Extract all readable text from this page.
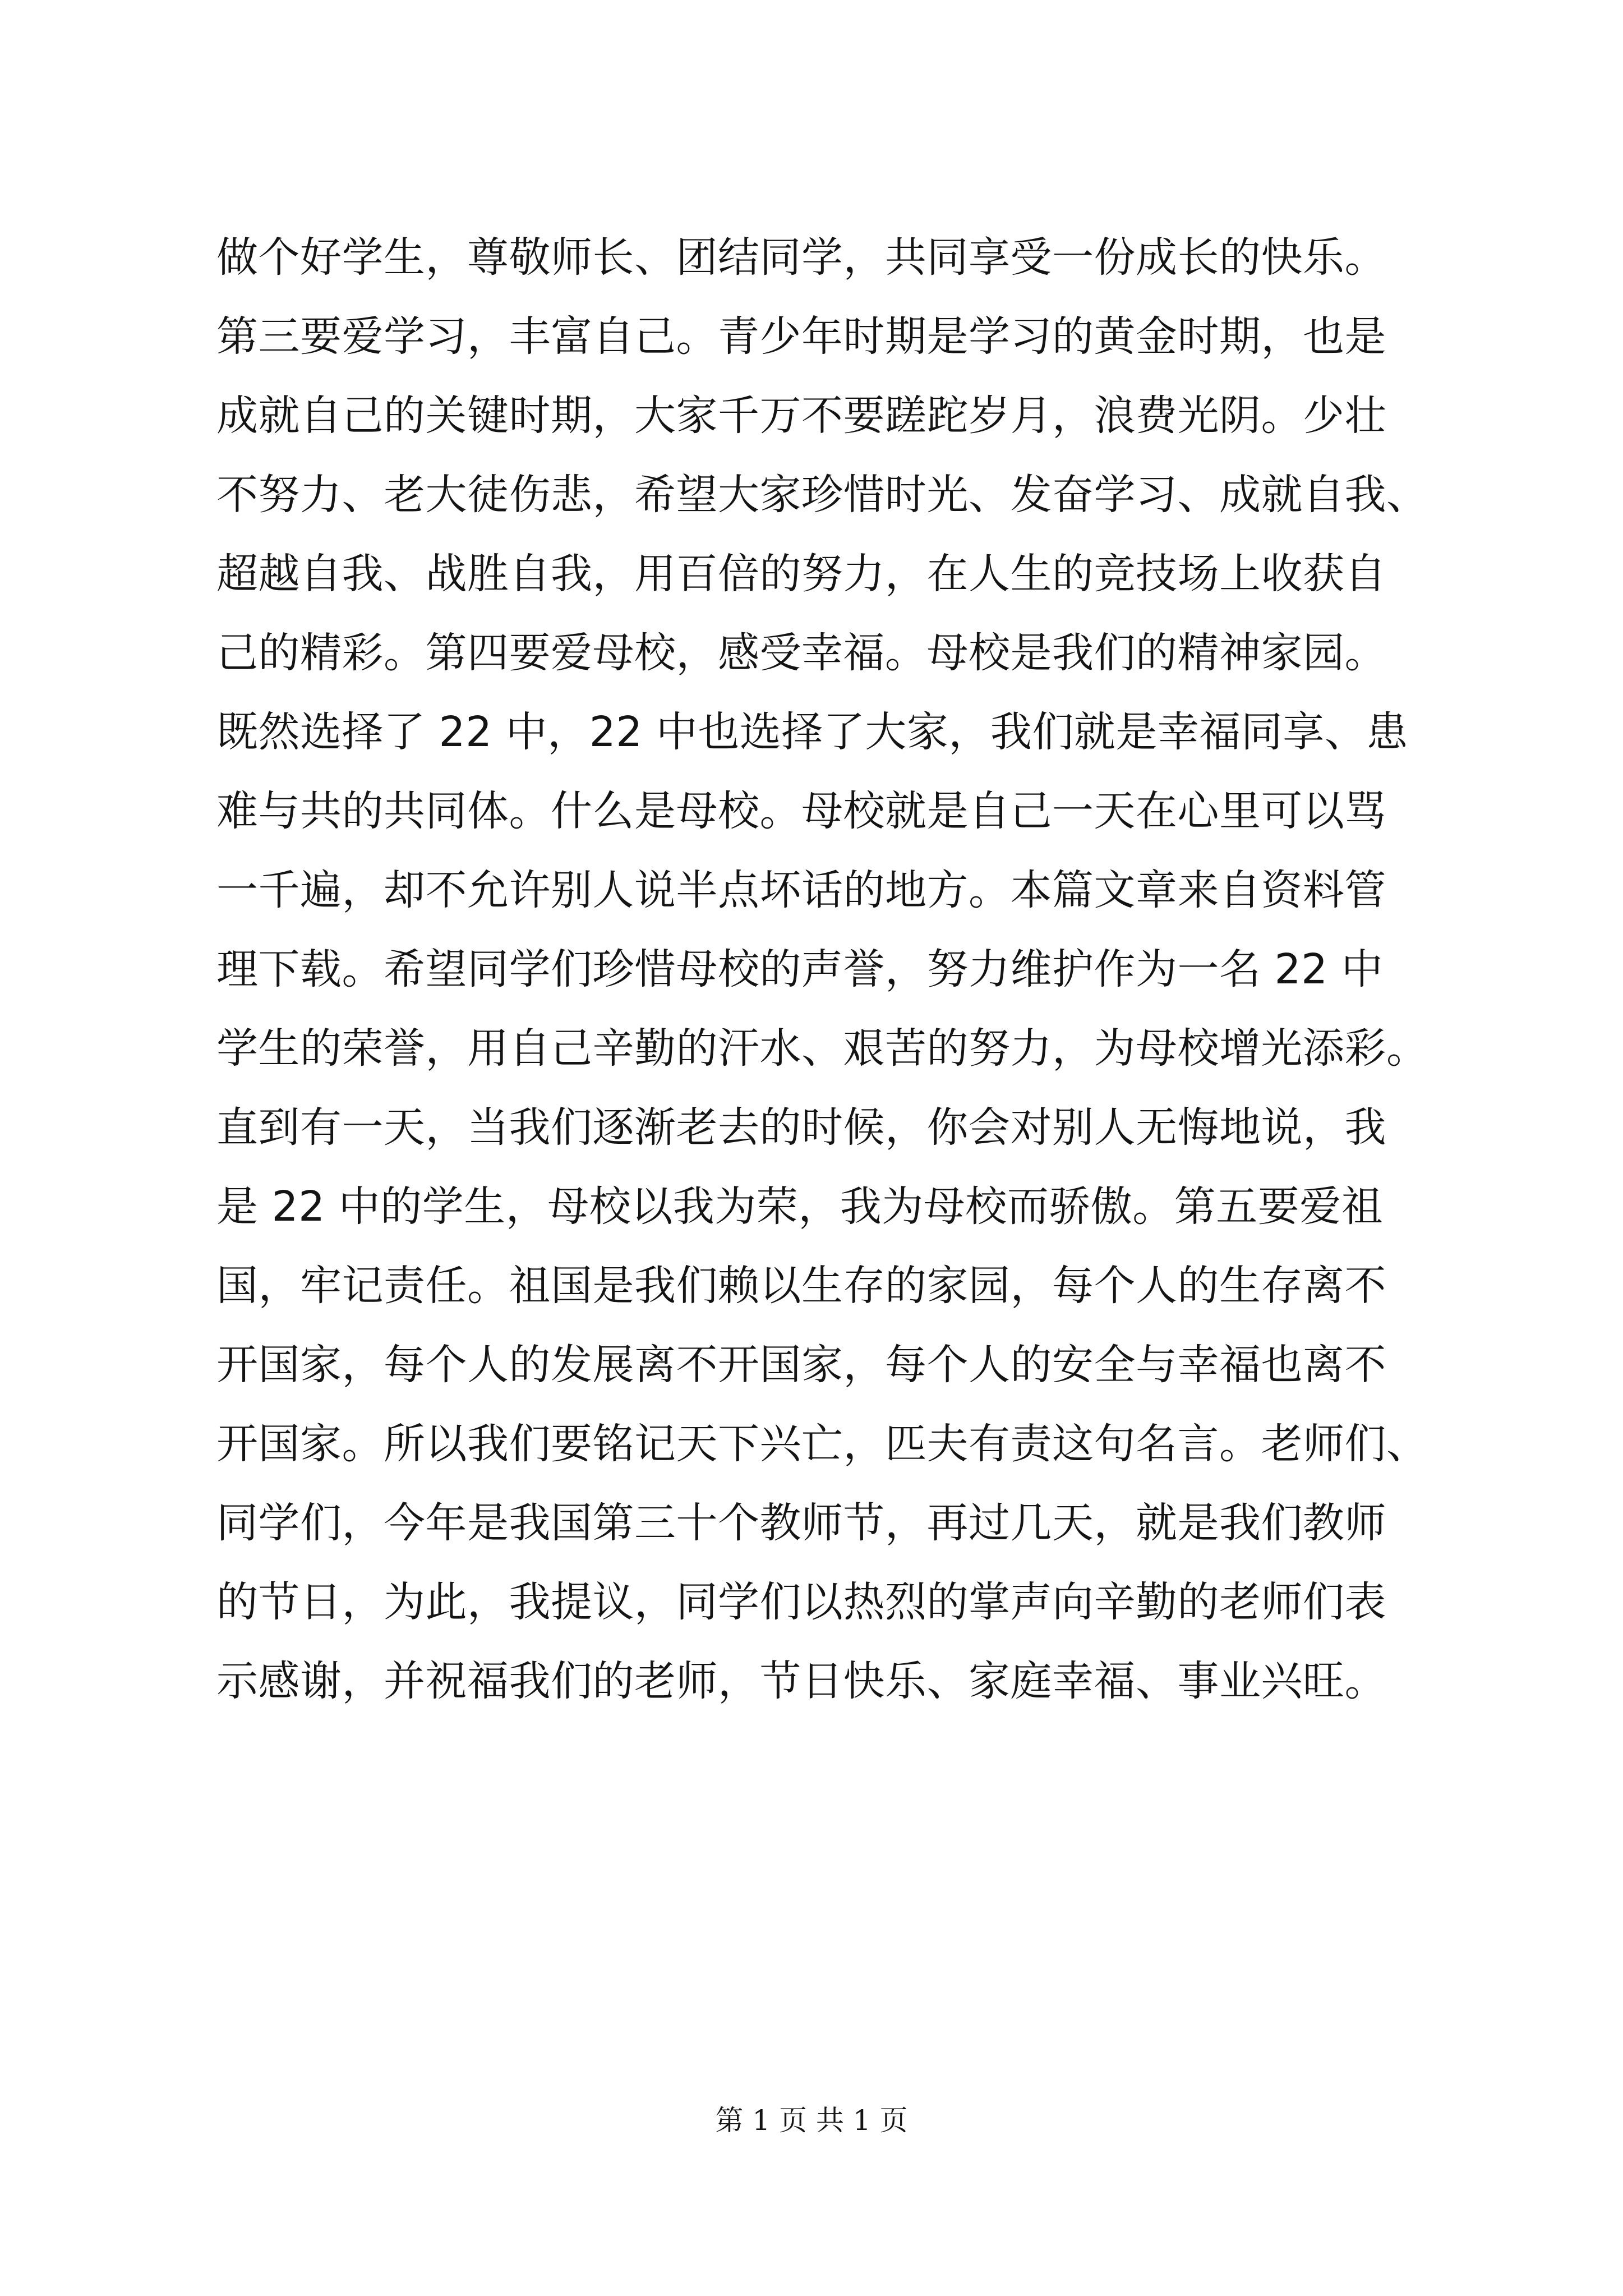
做个好学生，尊敬师长、团结同学，共同享受一份成长的快乐。
第三要爱学习，丰富自己。青少年时期是学习的黄金时期，也是
成就自己的关键时期，大家千万不要蹉跎岁月，浪费光阴。少壮
不努力、老大徒伤悲，希望大家珍惜时光、发奋学习、成就自我、
超越自我、战胜自我，用百倍的努力，在人生的竞技场上收获自
己的精彩。第四要爱母校，感受幸福。母校是我们的精神家园。
既然选择了 22 中，22 中也选择了大家，我们就是幸福同享、患
难与共的共同体。什么是母校。母校就是自己一天在心里可以骂
一千遍，却不允许别人说半点坏话的地方。本篇文章来自资料管
理下载。希望同学们珍惜母校的声誉，努力维护作为一名 22 中
学生的荣誉，用自己辛勤的汗水、艰苦的努力，为母校增光添彩。
直到有一天，当我们逐渐老去的时候，你会对别人无悔地说，我
是 22 中的学生，母校以我为荣，我为母校而骄傲。第五要爱祖
国，牢记责任。祖国是我们赖以生存的家园，每个人的生存离不
开国家，每个人的发展离不开国家，每个人的安全与幸福也离不
开国家。所以我们要铭记天下兴亡，匹夫有责这句名言。老师们、
同学们，今年是我国第三十个教师节，再过几天，就是我们教师
的节日，为此，我提议，同学们以热烈的掌声向辛勤的老师们表
示感谢，并祝福我们的老师，节日快乐、家庭幸福、事业兴旺。
第 1 页 共 1 页
